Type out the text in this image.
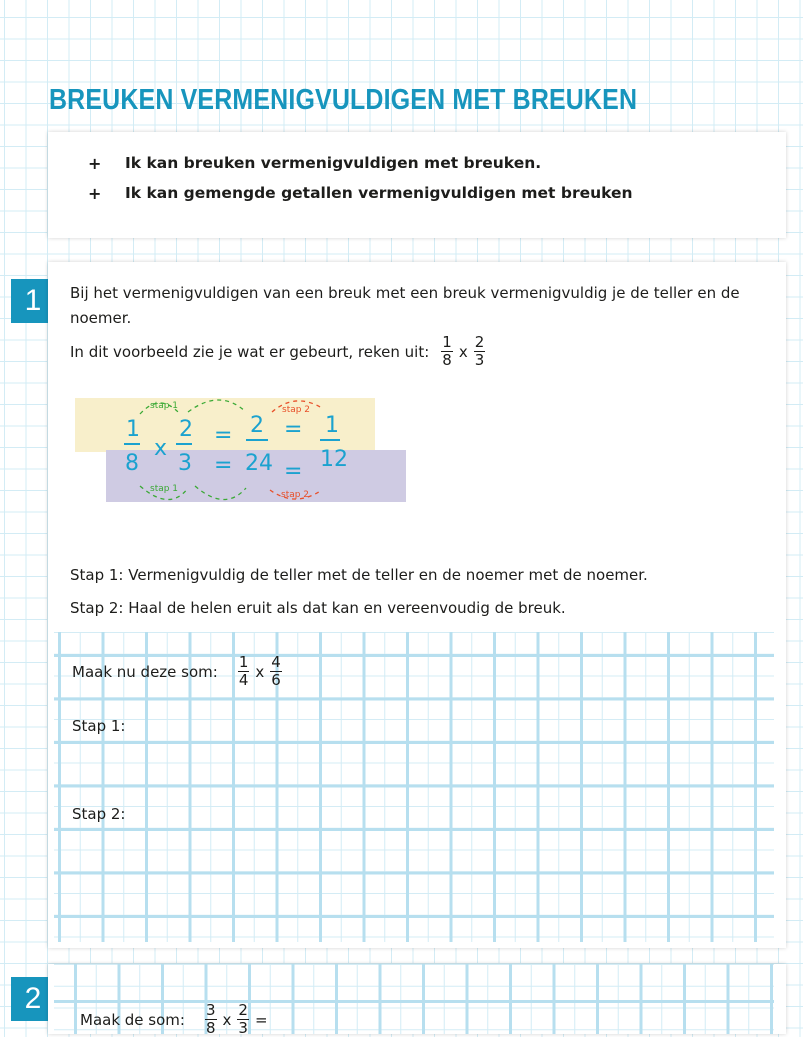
BREUKEN VERMENIGVULDIGEN MET BREUKEN
+ Ik kan breuken vermenigvuldigen met breuken.
+ Ik kan gemengde getallen vermenigvuldigen met breuken
1	Bij het vermenigvuldigen van een breuk met een breuk vermenigvuldig je de teller en de noemer.
In dit voorbeeld zie je wat er gebeurt, reken uit: $\frac{1}{8}$ x $\frac{2}{3}$
stap 1	stap 2
stap 1
stap 2
1
8
x
2
3
=
=
2
24
=
=
1
12
Stap 1: Vermenigvuldig de teller met de teller en de noemer met de noemer.
Stap 2: Haal de helen eruit als dat kan en vereenvoudig de breuk.
Maak nu deze som: $\frac{1}{4}$ x $\frac{4}{6}$
Stap 1:
Stap 2:
2
Maak de som: $\frac{3}{8}$ x $\frac{2}{3}$ =
